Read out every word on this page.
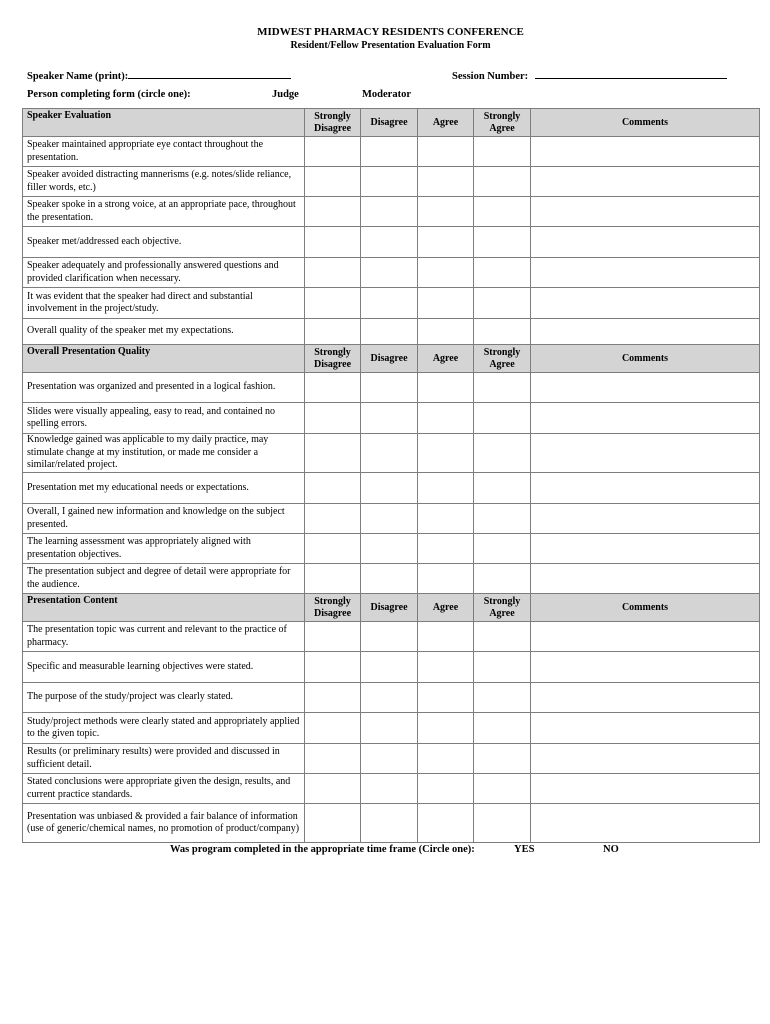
MIDWEST PHARMACY RESIDENTS CONFERENCE
Resident/Fellow Presentation Evaluation Form
Speaker Name (print):	Session Number:
Person completing form (circle one):	Judge	Moderator
Speaker Evaluation	Strongly Disagree	Disagree	Agree	Strongly Agree	Comments
Speaker maintained appropriate eye contact throughout the presentation.					
Speaker avoided distracting mannerisms (e.g. notes/slide reliance, filler words, etc.)					
Speaker spoke in a strong voice, at an appropriate pace, throughout the presentation.					
Speaker met/addressed each objective.					
Speaker adequately and professionally answered questions and provided clarification when necessary.					
It was evident that the speaker had direct and substantial involvement in the project/study.					
Overall quality of the speaker met my expectations.					
Overall Presentation Quality	Strongly Disagree	Disagree	Agree	Strongly Agree	Comments
Presentation was organized and presented in a logical fashion.					
Slides were visually appealing, easy to read, and contained no spelling errors.					
Knowledge gained was applicable to my daily practice, may stimulate change at my institution, or made me consider a similar/related project.					
Presentation met my educational needs or expectations.					
Overall, I gained new information and knowledge on the subject presented.					
The learning assessment was appropriately aligned with presentation objectives.					
The presentation subject and degree of detail were appropriate for the audience.					
Presentation Content	Strongly Disagree	Disagree	Agree	Strongly Agree	Comments
The presentation topic was current and relevant to the practice of pharmacy.					
Specific and measurable learning objectives were stated.					
The purpose of the study/project was clearly stated.					
Study/project methods were clearly stated and appropriately applied to the given topic.					
Results (or preliminary results) were provided and discussed in sufficient detail.					
Stated conclusions were appropriate given the design, results, and current practice standards.					
Presentation was unbiased & provided a fair balance of information (use of generic/chemical names, no promotion of product/company)					
Was program completed in the appropriate time frame (Circle one):	YES	NO
